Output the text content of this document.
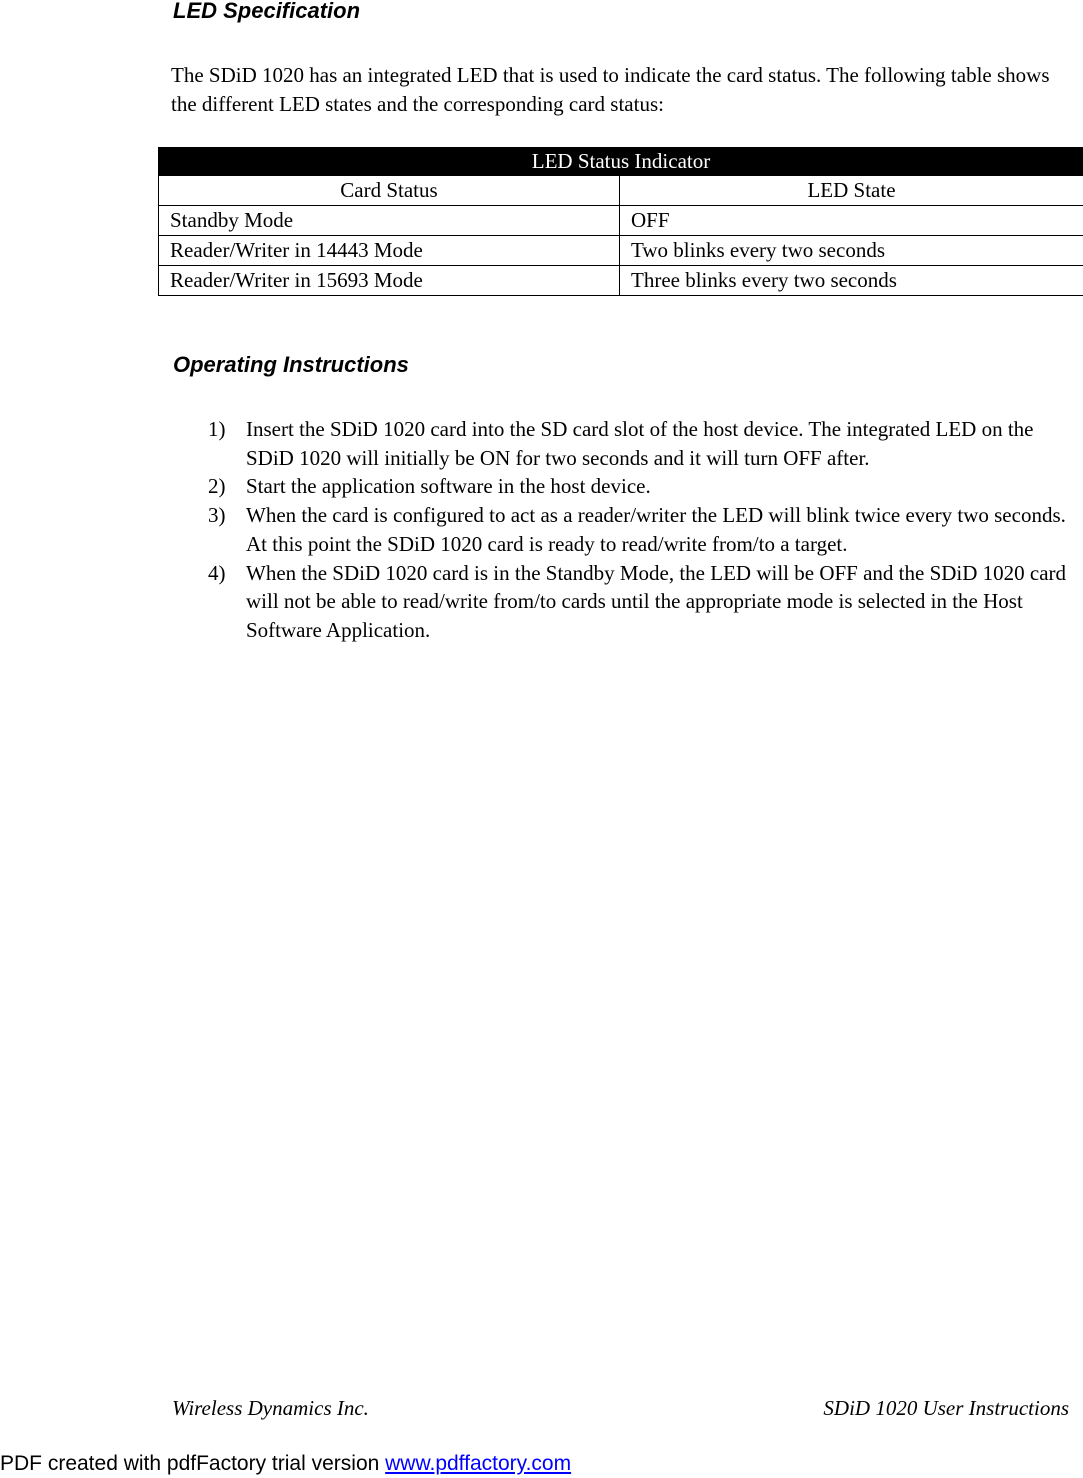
LED Specification

The SDiD 1020 has an integrated LED that is used to indicate the card status. The following table shows the different LED states and the corresponding card status:

LED Status Indicator	
Card Status	LED State
Standby Mode	OFF
Reader/Writer in 14443 Mode	Two blinks every two seconds
Reader/Writer in 15693 Mode	Three blinks every two seconds
Operating Instructions
1) Insert the SDiD 1020 card into the SD card slot of the host device. The integrated LED on the SDiD 1020 will initially be ON for two seconds and it will turn OFF after.
2) Start the application software in the host device.
3) When the card is configured to act as a reader/writer the LED will blink twice every two seconds. At this point the SDiD 1020 card is ready to read/write from/to a target.
4) When the SDiD 1020 card is in the Standby Mode, the LED will be OFF and the SDiD 1020 card will not be able to read/write from/to cards until the appropriate mode is selected in the Host Software Application.

Wireless Dynamics Inc.	SDiD 1020 User Instructions

PDF created with pdfFactory trial version www.pdffactory.com
